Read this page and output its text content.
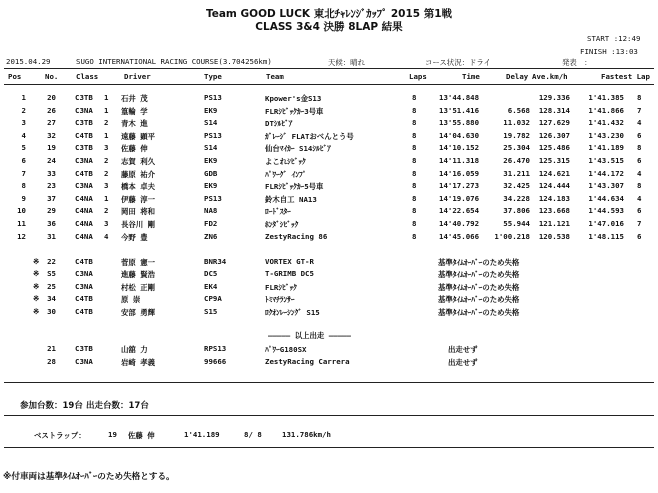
Team GOOD LUCK 東北ﾁｬﾚﾝｼﾞｶｯﾌﾟ 2015 第1戦
CLASS 3&4 決勝 8LAP 結果
START :12:49
FINISH :13:03
2015.04.29	SUGO INTERNATIONAL RACING COURSE(3.704256km)	天候：晴れ	コース状況：ドライ	発表　：
Pos	No. Class	Driver	Type	Team	Laps	Time	Delay Ave.km/h	Fastest Lap
1	20	C3TB 1 石井 茂	PS13	Kpower's金S13	8	13'44.848	129.336 1'41.385 8
2	26	C3NA 1 篁輪 学	EK9	FLRｼﾋﾞｯｸｶｰ3号車	8	13'51.416	6.568 128.314 1'41.866 7
3	27	C3TB 2 青木 進	S14	DTｼﾙﾋﾞｱ	8	13'55.880	11.032 127.629 1'41.432 4
4	32	C4TB 1 遠藤 顕平	PS13	ｶﾞﾚｰｼﾞ FLATおべんとう号	8	14'04.630	19.782 126.307 1'43.230 6
5	19	C3TB 3 佐藤 伸	S14	仙台ﾏｲｶｰ S14ｼﾙﾋﾞｱ	8	14'10.152	25.304 125.486 1'41.189 8
6	24	C3NA 2 志賀 利久	EK9	よこれｼﾋﾞｯｸ	8	14'11.318	26.470 125.315 1'43.515 6
7	33	C4TB 2 藤原 祐介	GDB	ﾊﾟﾜｰｸﾞ ｲﾝﾌﾟ	8	14'16.059	31.211 124.621 1'44.172 4
8	23	C3NA 3 橋本 卓夫	EK9	FLRｼﾋﾞｯｸｶｰ5号車	8	14'17.273	32.425 124.444 1'43.307 8
9	37	C4NA 1 伊藤 淳一	PS13	鈴木自工 NA13	8	14'19.076	34.228 124.183 1'44.634 4
10	29	C4NA 2 岡田 将和	NA8	ﾛｰﾄﾞｽﾀｰ	8	14'22.654	37.806 123.668 1'44.593 6
11	36	C4NA 3 長谷川 剛	FD2	ﾎﾝﾀﾞｼﾋﾞｯｸ	8	14'40.792	55.944 121.121 1'47.016 7
12	31	C4NA 4 今野 豊	ZN6	ZestyRacing 86	8	14'45.066 1'00.218 120.538 1'48.115 6
※ 22	C4TB	菅原 憲一	BNR34	VORTEX GT-R	基準ﾀｲﾑｵｰﾊﾞｰのため失格
※ S5	C3NA	進藤 賢浩	DC5	T-GRIMB DC5	基準ﾀｲﾑｵｰﾊﾞｰのため失格
※ 25	C3NA	村松 正剛	EK4	FLRｼﾋﾞｯｸ	基準ﾀｲﾑｵｰﾊﾞｰのため失格
※ 34	C4TB	原 崇	CP9A	ﾄﾐﾏﾁﾗﾝｻｰ	基準ﾀｲﾑｵｰﾊﾞｰのため失格
※ 30	C4TB	安部 勇輝	S15	ﾛｸｵﾝﾚｰｼﾝｸﾞ S15	基準ﾀｲﾑｵｰﾊﾞｰのため失格
――――― 以上出走 ―――――
21	C3TB	山舘 力	RPS13	ﾊﾟﾜｰG180SX	出走せず
28	C3NA	岩崎 孝義	99666	ZestyRacing Carrera	出走せず
参加台数：19台 出走台数：17台
ベストラップ：	19 佐藤 伸	1'41.189	8/ 8	131.786km/h
※付車両は基準ﾀｲﾑｵｰﾊﾞｰのため失格とする。
